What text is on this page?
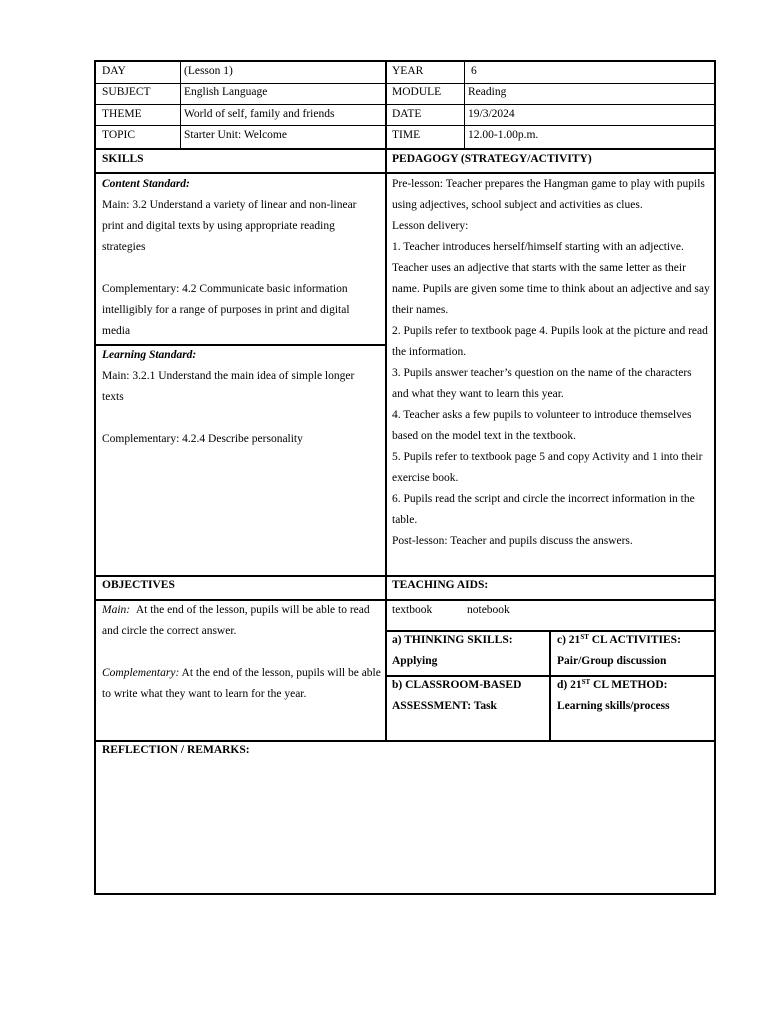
DAY	(Lesson 1)	YEAR	6
SUBJECT	English Language	MODULE Reading
THEME	World of self, family and friends	DATE	19/3/2024
TOPIC	Starter Unit: Welcome	TIME	12.00-1.00p.m.
SKILLS	PEDAGOGY (STRATEGY/ACTIVITY)
Content Standard:
Main: 3.2 Understand a variety of linear and non-linear print and digital texts by using appropriate reading strategies
Complementary: 4.2 Communicate basic information intelligibly for a range of purposes in print and digital media
Learning Standard:
Main: 3.2.1 Understand the main idea of simple longer texts
Complementary: 4.2.4 Describe personality
Pre-lesson: Teacher prepares the Hangman game to play with pupils using adjectives, school subject and activities as clues.
Lesson delivery:
1. Teacher introduces herself/himself starting with an adjective. Teacher uses an adjective that starts with the same letter as their name. Pupils are given some time to think about an adjective and say their names.
2. Pupils refer to textbook page 4. Pupils look at the picture and read the information.
3. Pupils answer teacher’s question on the name of the characters and what they want to learn this year.
4. Teacher asks a few pupils to volunteer to introduce themselves based on the model text in the textbook.
5. Pupils refer to textbook page 5 and copy Activity and 1 into their exercise book.
6. Pupils read the script and circle the incorrect information in the table.
Post-lesson: Teacher and pupils discuss the answers.
OBJECTIVES	TEACHING AIDS:
Main: At the end of the lesson, pupils will be able to read and circle the correct answer.
Complementary: At the end of the lesson, pupils will be able to write what they want to learn for the year.
textbook	notebook
a) THINKING SKILLS:
Applying
c) 21ST CL ACTIVITIES:
Pair/Group discussion
b) CLASSROOM-BASED
ASSESSMENT: Task
d) 21ST CL METHOD:
Learning skills/process
REFLECTION / REMARKS:
